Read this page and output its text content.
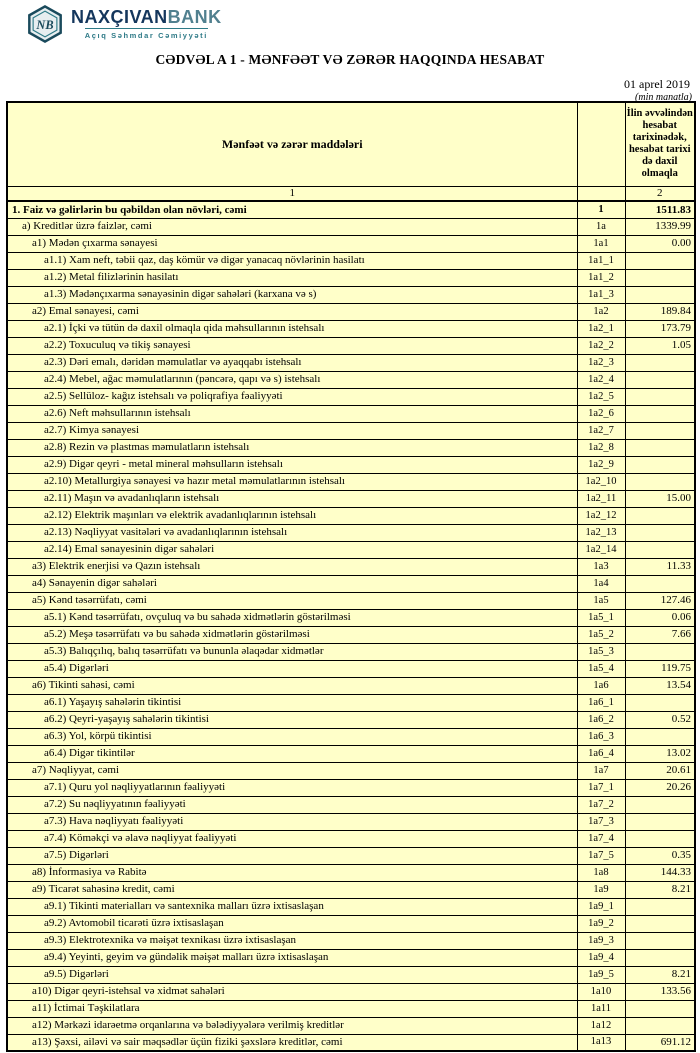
NB NAXÇIVANBANK
Açıq Səhmdar Cəmiyyəti
CƏDVƏL A 1 - MƏNFƏƏT VƏ ZƏRƏR HAQQINDA HESABAT
01 aprel 2019
(min manatla)
Mənfəət və zərər maddələri		İlin əvvəlindən hesabat tarixinədək, hesabat tarixi də daxil olmaqla
1		2
1. Faiz və gəlirlərin bu qəbildən olan növləri, cəmi	1	1511.83
a) Kreditlər üzrə faizlər, cəmi	1a	1339.99
a1) Mədən çıxarma sənayesi	1a1	0.00
a1.1) Xam neft, təbii qaz, daş kömür və digər yanacaq növlərinin hasilatı	1a1_1	
a1.2) Metal filizlərinin hasilatı	1a1_2	
a1.3) Mədənçıxarma sənayəsinin digər sahələri (karxana və s)	1a1_3	
a2) Emal sənayesi, cəmi	1a2	189.84
a2.1) İçki və tütün də daxil olmaqla qida məhsullarının istehsalı	1a2_1	173.79
a2.2) Toxuculuq və tikiş sənayesi	1a2_2	1.05
a2.3) Dəri emalı, dəridən məmulatlar və ayaqqabı istehsalı	1a2_3	
a2.4) Mebel, ağac məmulatlarının (pəncərə, qapı və s) istehsalı	1a2_4	
a2.5) Sellüloz- kağız istehsalı və poliqrafiya fəaliyyəti	1a2_5	
a2.6) Neft məhsullarının istehsalı	1a2_6	
a2.7) Kimya sənayesi	1a2_7	
a2.8) Rezin və plastmas məmulatların istehsalı	1a2_8	
a2.9) Digər qeyri - metal mineral məhsulların istehsalı	1a2_9	
a2.10) Metallurgiya sənayesi və hazır metal məmulatlarının istehsalı	1a2_10	
a2.11) Maşın və avadanlıqların istehsalı	1a2_11	15.00
a2.12) Elektrik maşınları və elektrik avadanlıqlarının istehsalı	1a2_12	
a2.13) Nəqliyyat vasitələri və avadanlıqlarının istehsalı	1a2_13	
a2.14) Emal sənayesinin digər sahələri	1a2_14	
a3) Elektrik enerjisi və Qazın istehsalı	1a3	11.33
a4) Sənayenin digər sahələri	1a4	
a5) Kənd təsərrüfatı, cəmi	1a5	127.46
a5.1) Kənd təsərrüfatı, ovçuluq və bu sahədə xidmətlərin göstərilməsi	1a5_1	0.06
a5.2) Meşə təsərrüfatı və bu sahədə xidmətlərin göstərilməsi	1a5_2	7.66
a5.3) Balıqçılıq, balıq təsərrüfatı və bununla əlaqədar xidmətlər	1a5_3	
a5.4) Digərləri	1a5_4	119.75
a6) Tikinti sahəsi, cəmi	1a6	13.54
a6.1) Yaşayış sahələrin tikintisi	1a6_1	
a6.2) Qeyri-yaşayış sahələrin tikintisi	1a6_2	0.52
a6.3) Yol, körpü tikintisi	1a6_3	
a6.4) Digər tikintilər	1a6_4	13.02
a7) Nəqliyyat, cəmi	1a7	20.61
a7.1) Quru yol nəqliyyatlarının fəaliyyəti	1a7_1	20.26
a7.2) Su nəqliyyatının fəaliyyəti	1a7_2	
a7.3) Hava nəqliyyatı fəaliyyəti	1a7_3	
a7.4) Köməkçi və əlavə nəqliyyat fəaliyyəti	1a7_4	
a7.5) Digərləri	1a7_5	0.35
a8) İnformasiya və Rabitə	1a8	144.33
a9) Ticarət sahəsinə kredit, cəmi	1a9	8.21
a9.1) Tikinti materialları və santexnika malları üzrə ixtisaslaşan	1a9_1	
a9.2) Avtomobil ticarəti üzrə ixtisaslaşan	1a9_2	
a9.3) Elektrotexnika və məişət texnikası üzrə ixtisaslaşan	1a9_3	
a9.4) Yeyinti, geyim və gündəlik məişət malları üzrə ixtisaslaşan	1a9_4	
a9.5) Digərləri	1a9_5	8.21
a10) Digər qeyri-istehsal və xidmət sahələri	1a10	133.56
a11) İctimai Təşkilatlara	1a11	
a12) Mərkəzi idarəetmə orqanlarına və bələdiyyələrə verilmiş kreditlər	1a12	
a13) Şəxsi, ailəvi və sair məqsədlər üçün fiziki şəxslərə kreditlər, cəmi	1a13	691.12
